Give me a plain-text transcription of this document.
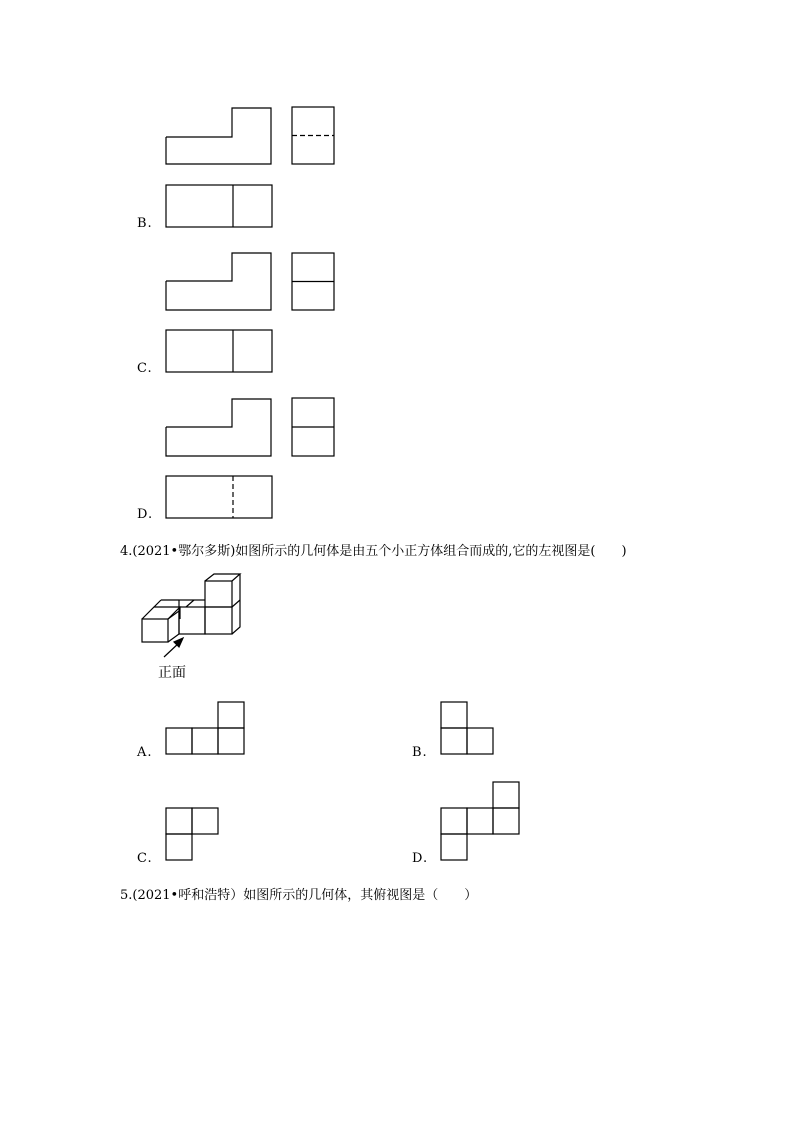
B.
C.
D.
4.(2021•鄂尔多斯)如图所示的几何体是由五个小正方体组合而成的,它的左视图是(　　)
正面
A.	B.
C.	D.
5.(2021•呼和浩特）如图所示的几何体，其俯视图是（　　）
